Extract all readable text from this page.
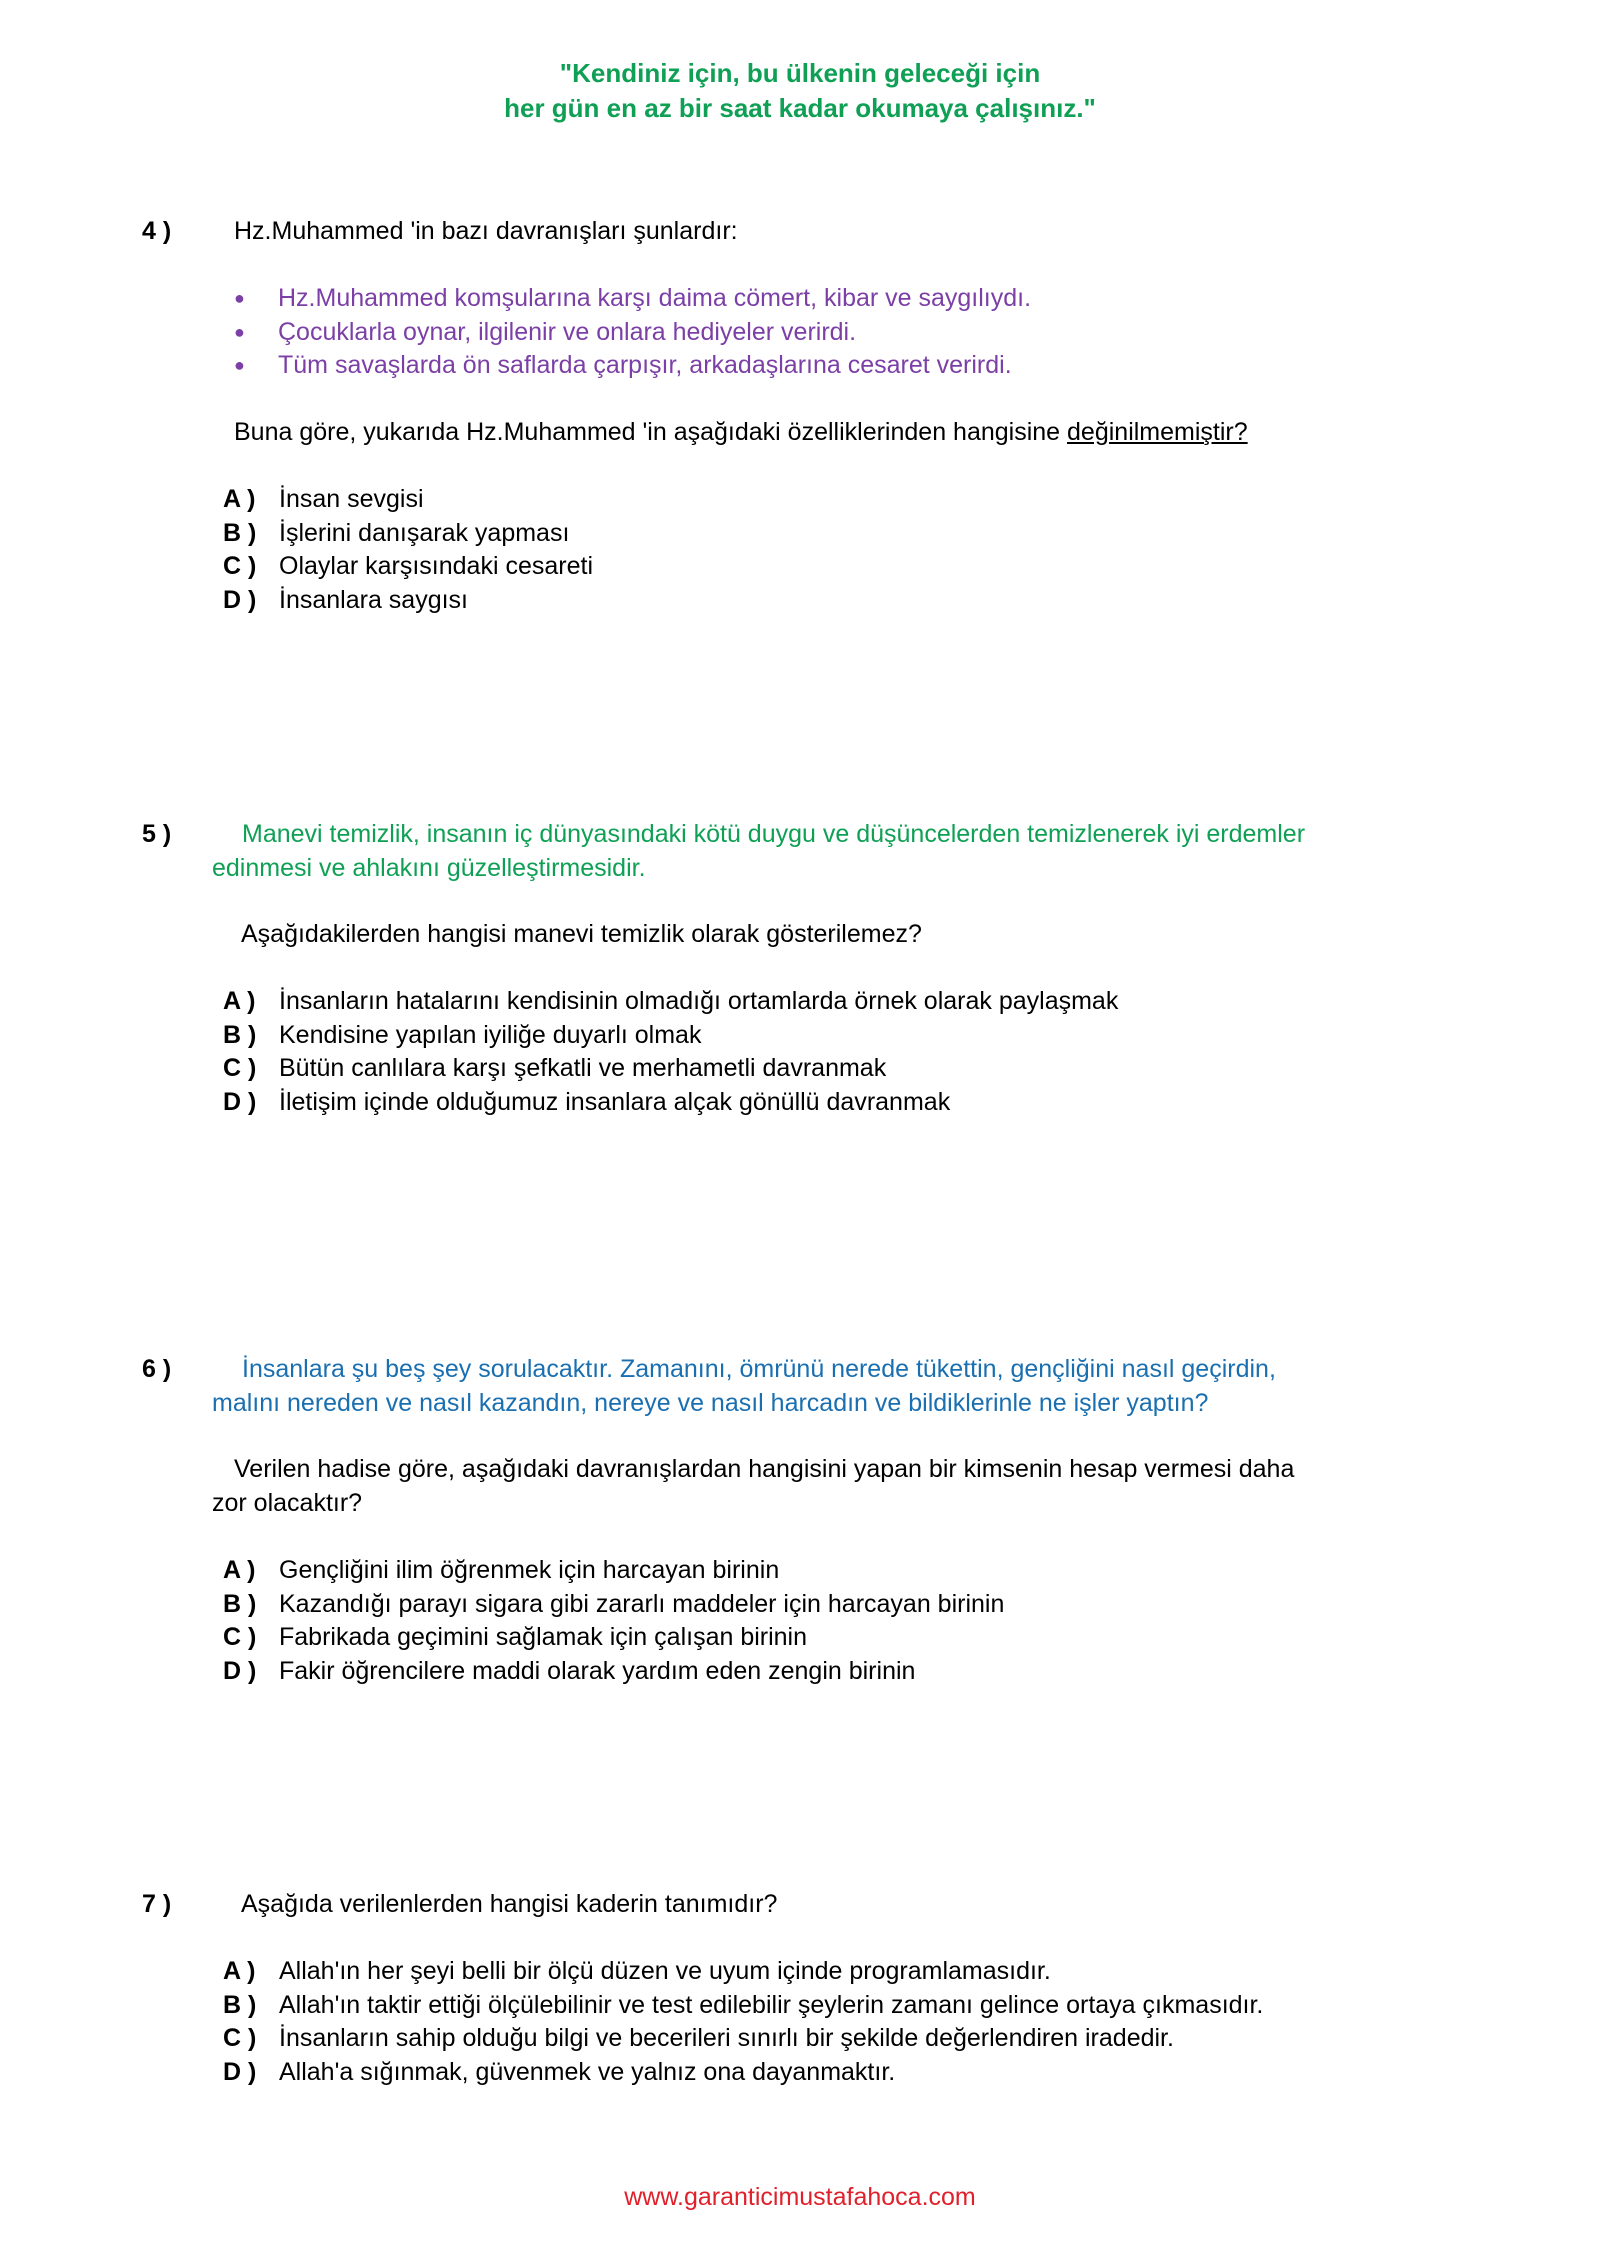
"Kendiniz için, bu ülkenin geleceği için
her gün en az bir saat kadar okumaya çalışınız."
4 )	Hz.Muhammed 'in bazı davranışları şunlardır:
● Hz.Muhammed komşularına karşı daima cömert, kibar ve saygılıydı.
● Çocuklarla oynar, ilgilenir ve onlara hediyeler verirdi.
● Tüm savaşlarda ön saflarda çarpışır, arkadaşlarına cesaret verirdi.
Buna göre, yukarıda Hz.Muhammed 'in aşağıdaki özelliklerinden hangisine değinilmemiştir?
A ) İnsan sevgisi
B ) İşlerini danışarak yapması
C ) Olaylar karşısındaki cesareti
D ) İnsanlara saygısı
5 )	Manevi temizlik, insanın iç dünyasındaki kötü duygu ve düşüncelerden temizlenerek iyi erdemler
edinmesi ve ahlakını güzelleştirmesidir.
Aşağıdakilerden hangisi manevi temizlik olarak gösterilemez?
A ) İnsanların hatalarını kendisinin olmadığı ortamlarda örnek olarak paylaşmak
B ) Kendisine yapılan iyiliğe duyarlı olmak
C ) Bütün canlılara karşı şefkatli ve merhametli davranmak
D ) İletişim içinde olduğumuz insanlara alçak gönüllü davranmak
6 )	İnsanlara şu beş şey sorulacaktır. Zamanını, ömrünü nerede tükettin, gençliğini nasıl geçirdin,
malını nereden ve nasıl kazandın, nereye ve nasıl harcadın ve bildiklerinle ne işler yaptın?
Verilen hadise göre, aşağıdaki davranışlardan hangisini yapan bir kimsenin hesap vermesi daha
zor olacaktır?
A ) Gençliğini ilim öğrenmek için harcayan birinin
B ) Kazandığı parayı sigara gibi zararlı maddeler için harcayan birinin
C ) Fabrikada geçimini sağlamak için çalışan birinin
D ) Fakir öğrencilere maddi olarak yardım eden zengin birinin
7 )	Aşağıda verilenlerden hangisi kaderin tanımıdır?
A ) Allah'ın her şeyi belli bir ölçü düzen ve uyum içinde programlamasıdır.
B ) Allah'ın taktir ettiği ölçülebilinir ve test edilebilir şeylerin zamanı gelince ortaya çıkmasıdır.
C ) İnsanların sahip olduğu bilgi ve becerileri sınırlı bir şekilde değerlendiren iradedir.
D ) Allah'a sığınmak, güvenmek ve yalnız ona dayanmaktır.
www.garanticimustafahoca.com
